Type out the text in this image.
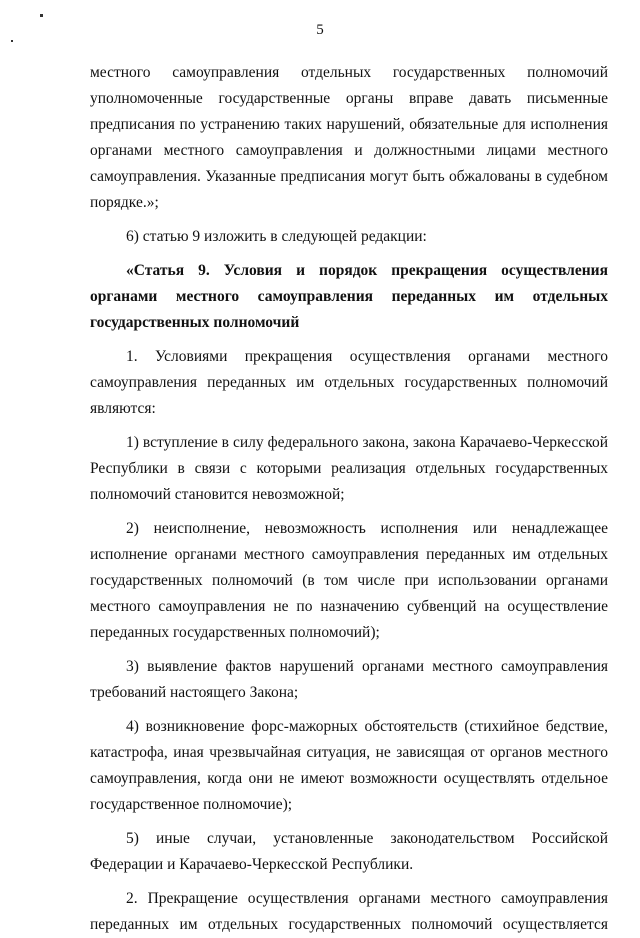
5
местного самоуправления отдельных государственных полномочий
уполномоченные государственные органы вправе давать письменные
предписания по устранению таких нарушений, обязательные для исполнения
органами местного самоуправления и должностными лицами местного
самоуправления. Указанные предписания могут быть обжалованы в судебном
порядке.»;
6) статью 9 изложить в следующей редакции:
«Статья 9. Условия и порядок прекращения осуществления
органами местного самоуправления переданных им отдельных
государственных полномочий
1. Условиями прекращения осуществления органами местного
самоуправления переданных им отдельных государственных полномочий
являются:
1) вступление в силу федерального закона, закона Карачаево-Черкесской
Республики в связи с которыми реализация отдельных государственных
полномочий становится невозможной;
2) неисполнение, невозможность исполнения или ненадлежащее
исполнение органами местного самоуправления переданных им отдельных
государственных полномочий (в том числе при использовании органами
местного самоуправления не по назначению субвенций на осуществление
переданных государственных полномочий);
3) выявление фактов нарушений органами местного самоуправления
требований настоящего Закона;
4) возникновение форс-мажорных обстоятельств (стихийное бедствие,
катастрофа, иная чрезвычайная ситуация, не зависящая от органов местного
самоуправления, когда они не имеют возможности осуществлять отдельное
государственное полномочие);
5) иные случаи, установленные законодательством Российской
Федерации и Карачаево-Черкесской Республики.
2. Прекращение осуществления органами местного самоуправления
переданных им отдельных государственных полномочий осуществляется
